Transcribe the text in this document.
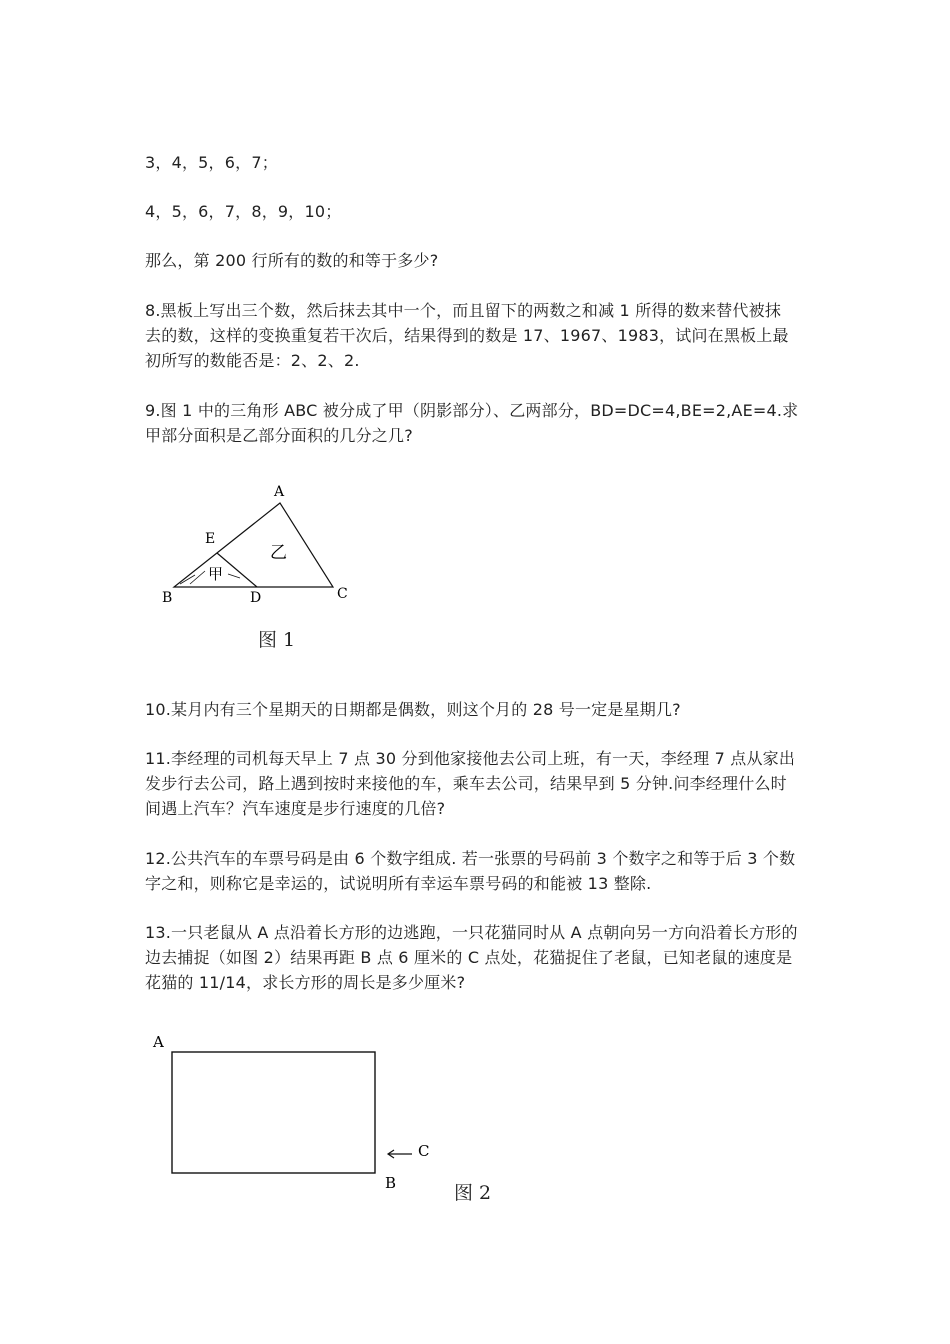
3，4，5，6，7；
4，5，6，7，8，9，10；
那么，第 200 行所有的数的和等于多少?
8.黑板上写出三个数，然后抹去其中一个，而且留下的两数之和减 1 所得的数来替代被抹
去的数，这样的变换重复若干次后，结果得到的数是 17、1967、1983，试问在黑板上最
初所写的数能否是：2、2、2.
9.图 1 中的三角形 ABC 被分成了甲（阴影部分）、乙两部分，BD=DC=4,BE=2,AE=4.求
甲部分面积是乙部分面积的几分之几?
A
E
B	D	C
乙
甲
图 1
10.某月内有三个星期天的日期都是偶数，则这个月的 28 号一定是星期几?
11.李经理的司机每天早上 7 点 30 分到他家接他去公司上班，有一天，李经理 7 点从家出
发步行去公司，路上遇到按时来接他的车，乘车去公司，结果早到 5 分钟.问李经理什么时
间遇上汽车？汽车速度是步行速度的几倍?
12.公共汽车的车票号码是由 6 个数字组成. 若一张票的号码前 3 个数字之和等于后 3 个数
字之和，则称它是幸运的，试说明所有幸运车票号码的和能被 13 整除.
13.一只老鼠从 A 点沿着长方形的边逃跑，一只花猫同时从 A 点朝向另一方向沿着长方形的
边去捕捉（如图 2）结果再距 B 点 6 厘米的 C 点处，花猫捉住了老鼠，已知老鼠的速度是
花猫的 11/14，求长方形的周长是多少厘米?
A
B
C
图 2
